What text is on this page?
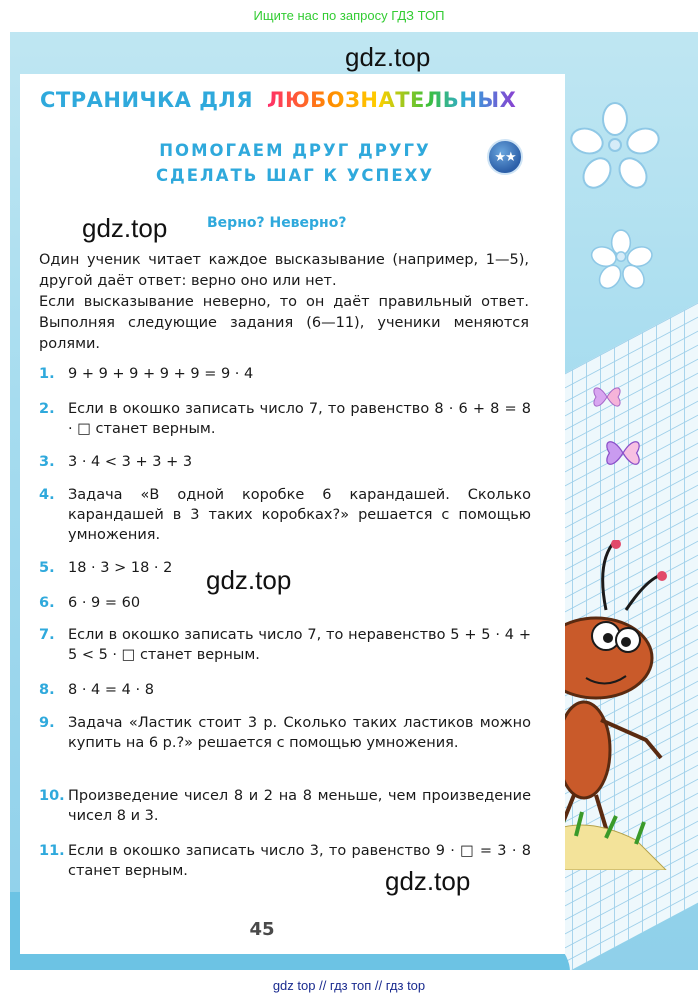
Ищите нас по запросу ГДЗ ТОП
СТРАНИЧКА ДЛЯ ЛЮБОЗНАТЕЛЬНЫХ
ПОМОГАЕМ ДРУГ ДРУГУ
СДЕЛАТЬ ШАГ К УСПЕХУ
★★
Верно? Неверно?

Один ученик читает каждое высказывание (например, 1—5), другой даёт ответ: верно оно или нет.

Если высказывание неверно, то он даёт правильный ответ. Выполняя следующие задания (6—11), ученики меняются ролями.

1. 9 + 9 + 9 + 9 + 9 = 9 · 4
2. Если в окошко записать число 7, то равенство 8 · 6 + 8 = 8 · □ станет верным.
3. 3 · 4 < 3 + 3 + 3
4. Задача «В одной коробке 6 карандашей. Сколько карандашей в 3 таких коробках?» решается с помощью умножения.
5. 18 · 3 > 18 · 2
6. 6 · 9 = 60
7. Если в окошко записать число 7, то неравенство 5 + 5 · 4 + 5 < 5 · □ станет верным.
8. 8 · 4 = 4 · 8
9. Задача «Ластик стоит 3 р. Сколько таких ластиков можно купить на 6 р.?» решается с помощью умножения.
10. Произведение чисел 8 и 2 на 8 меньше, чем произведение чисел 8 и 3.
11. Если в окошко записать число 3, то равенство 9 · □ = 3 · 8 станет верным.
gdz.top
gdz.top
gdz.top
gdz.top
45
gdz top // гдз топ // гдз top
